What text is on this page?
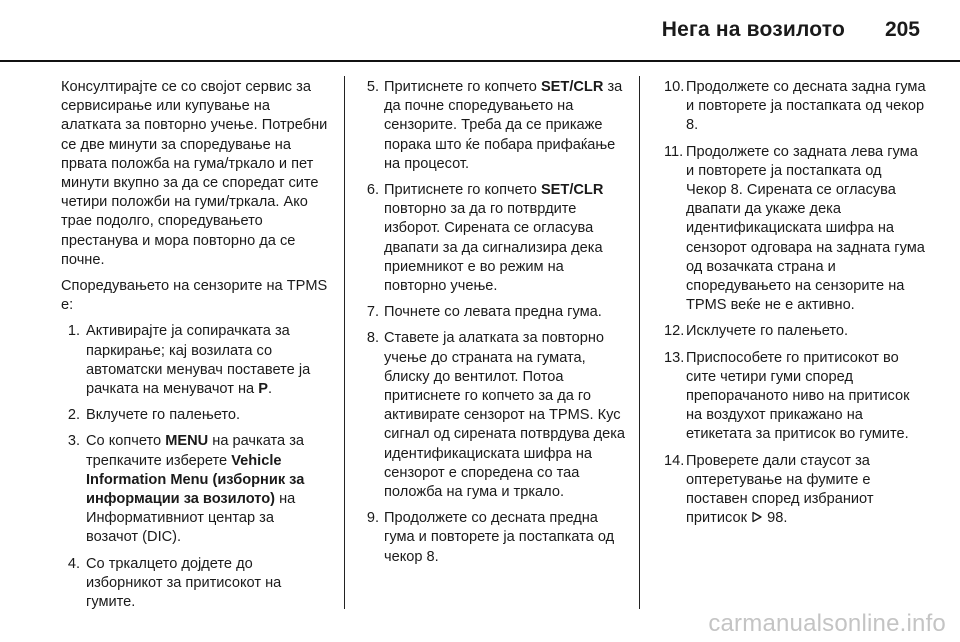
Нега на возилото 205

Консултирајте се со својот сервис за сервисирање или купување на алатката за повторно учење. Потребни се две минути за споредување на првата положба на гума/тркало и пет минути вкупно за да се споредат сите четири положби на гуми/тркала. Ако трае подолго, споредувањето престанува и мора повторно да се почне.

Споредувањето на сензорите на TPMS е:

1. Активирајте ја сопирачката за паркирање; кај возилата со автоматски менувач поставете ја рачката на менувачот на P.
2. Вклучете го палењето.
3. Со копчето MENU на рачката за трепкачите изберете Vehicle Information Menu (изборник за информации за возилото) на Информативниот центар за возачот (DIC).
4. Со тркалцето дојдете до изборникот за притисокот на гумите.
5. Притиснете го копчето SET/CLR за да почне споредувањето на сензорите. Треба да се прикаже порака што ќе побара прифаќање на процесот.
6. Притиснете го копчето SET/CLR повторно за да го потврдите изборот. Сирената се огласува двапати за да сигнализира дека приемникот е во режим на повторно учење.
7. Почнете со левата предна гума.
8. Ставете ја алатката за повторно учење до страната на гумата, блиску до вентилот. Потоа притиснете го копчето за да го активирате сензорот на TPMS. Кус сигнал од сирената потврдува дека идентификациската шифра на сензорот е споредена со таа положба на гума и тркало.
9. Продолжете со десната предна гума и повторете ја постапката од чекор 8.
10. Продолжете со десната задна гума и повторете ја постапката од чекор 8.
11. Продолжете со задната лева гума и повторете ја постапката од Чекор 8. Сирената се огласува двапати да укаже дека идентификациската шифра на сензорот одговара на задната гума од возачката страна и споредувањето на сензорите на TPMS веќе не е активно.
12. Исклучете го палењето.
13. Приспособете го притисокот во сите четири гуми според препорачаното ниво на притисок на воздухот прикажано на етикетата за притисок во гумите.
14. Проверете дали стаусот за оптеретување на фумите е поставен според избраниот притисок  98.
carmanualsonline.info
